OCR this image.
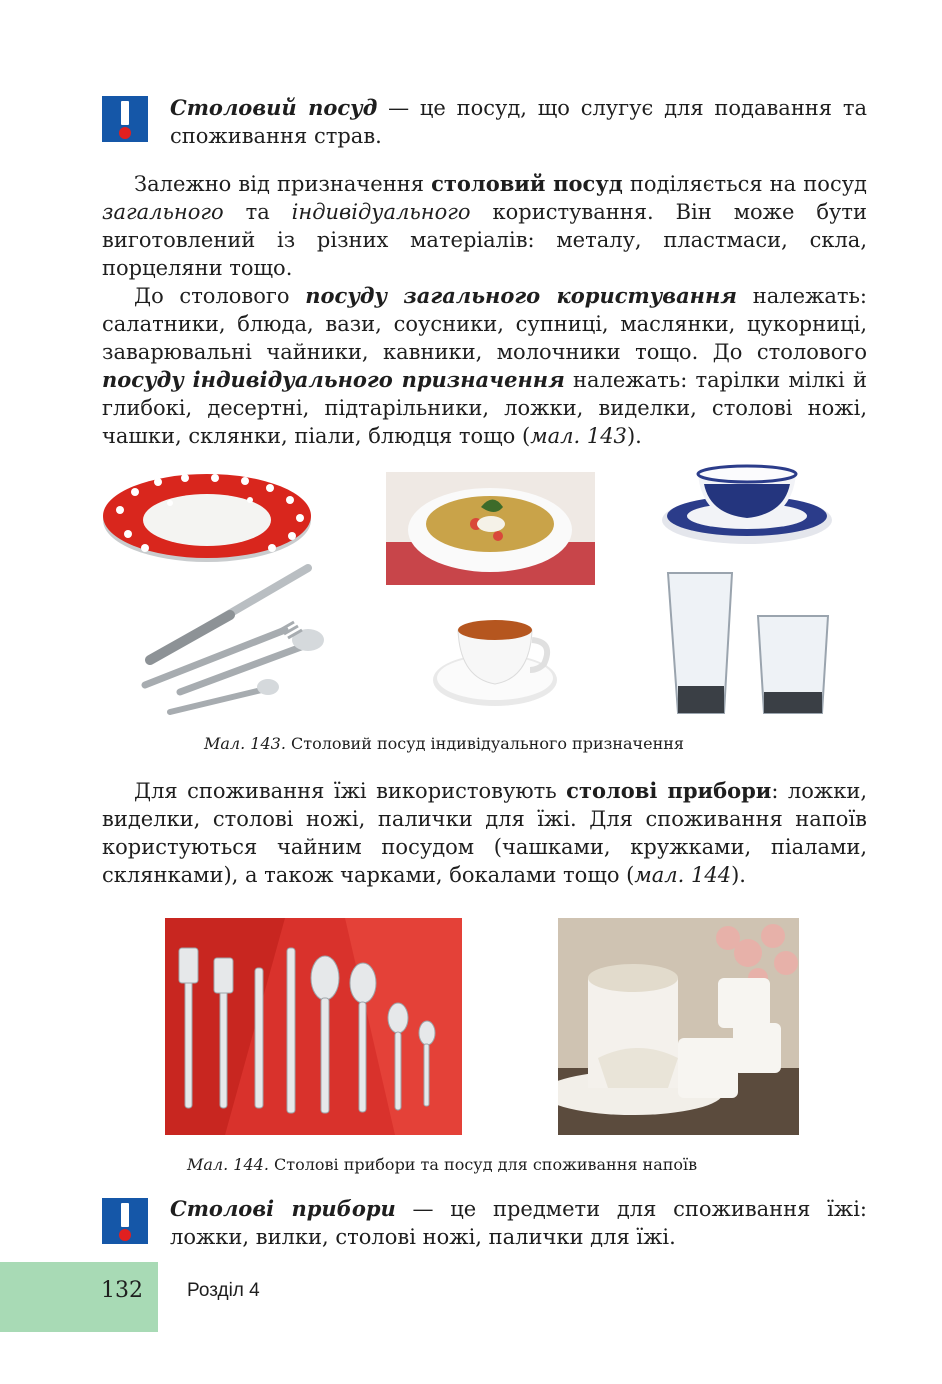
Столовий посуд — це посуд, що слугує для подавання та споживання страв.
Залежно від призначення столовий посуд поділяється на посуд загального та індивідуального користування. Він може бути виготовлений із різних матеріалів: металу, пластмаси, скла, порцеляни тощо.
До столового посуду загального користування належать: салатники, блюда, вази, соусники, супниці, маслянки, цукорниці, заварювальні чайники, кавники, молочники тощо. До столового посуду індивідуального призначення належать: тарілки мілкі й глибокі, десертні, підтарільники, ложки, виделки, столові ножі, чашки, склянки, піали, блюдця тощо (мал. 143).
Мал. 143. Столовий посуд індивідуального призначення
Для споживання їжі використовують столові прибори: ложки, виделки, столові ножі, палички для їжі. Для споживання напоїв користуються чайним посудом (чашками, кружками, піалами, склянками), а також чарками, бокалами тощо (мал. 144).
Мал. 144. Столові прибори та посуд для споживання напоїв
Столові прибори — це предмети для споживання їжі: ложки, вилки, столові ножі, палички для їжі.
132 Розділ 4
